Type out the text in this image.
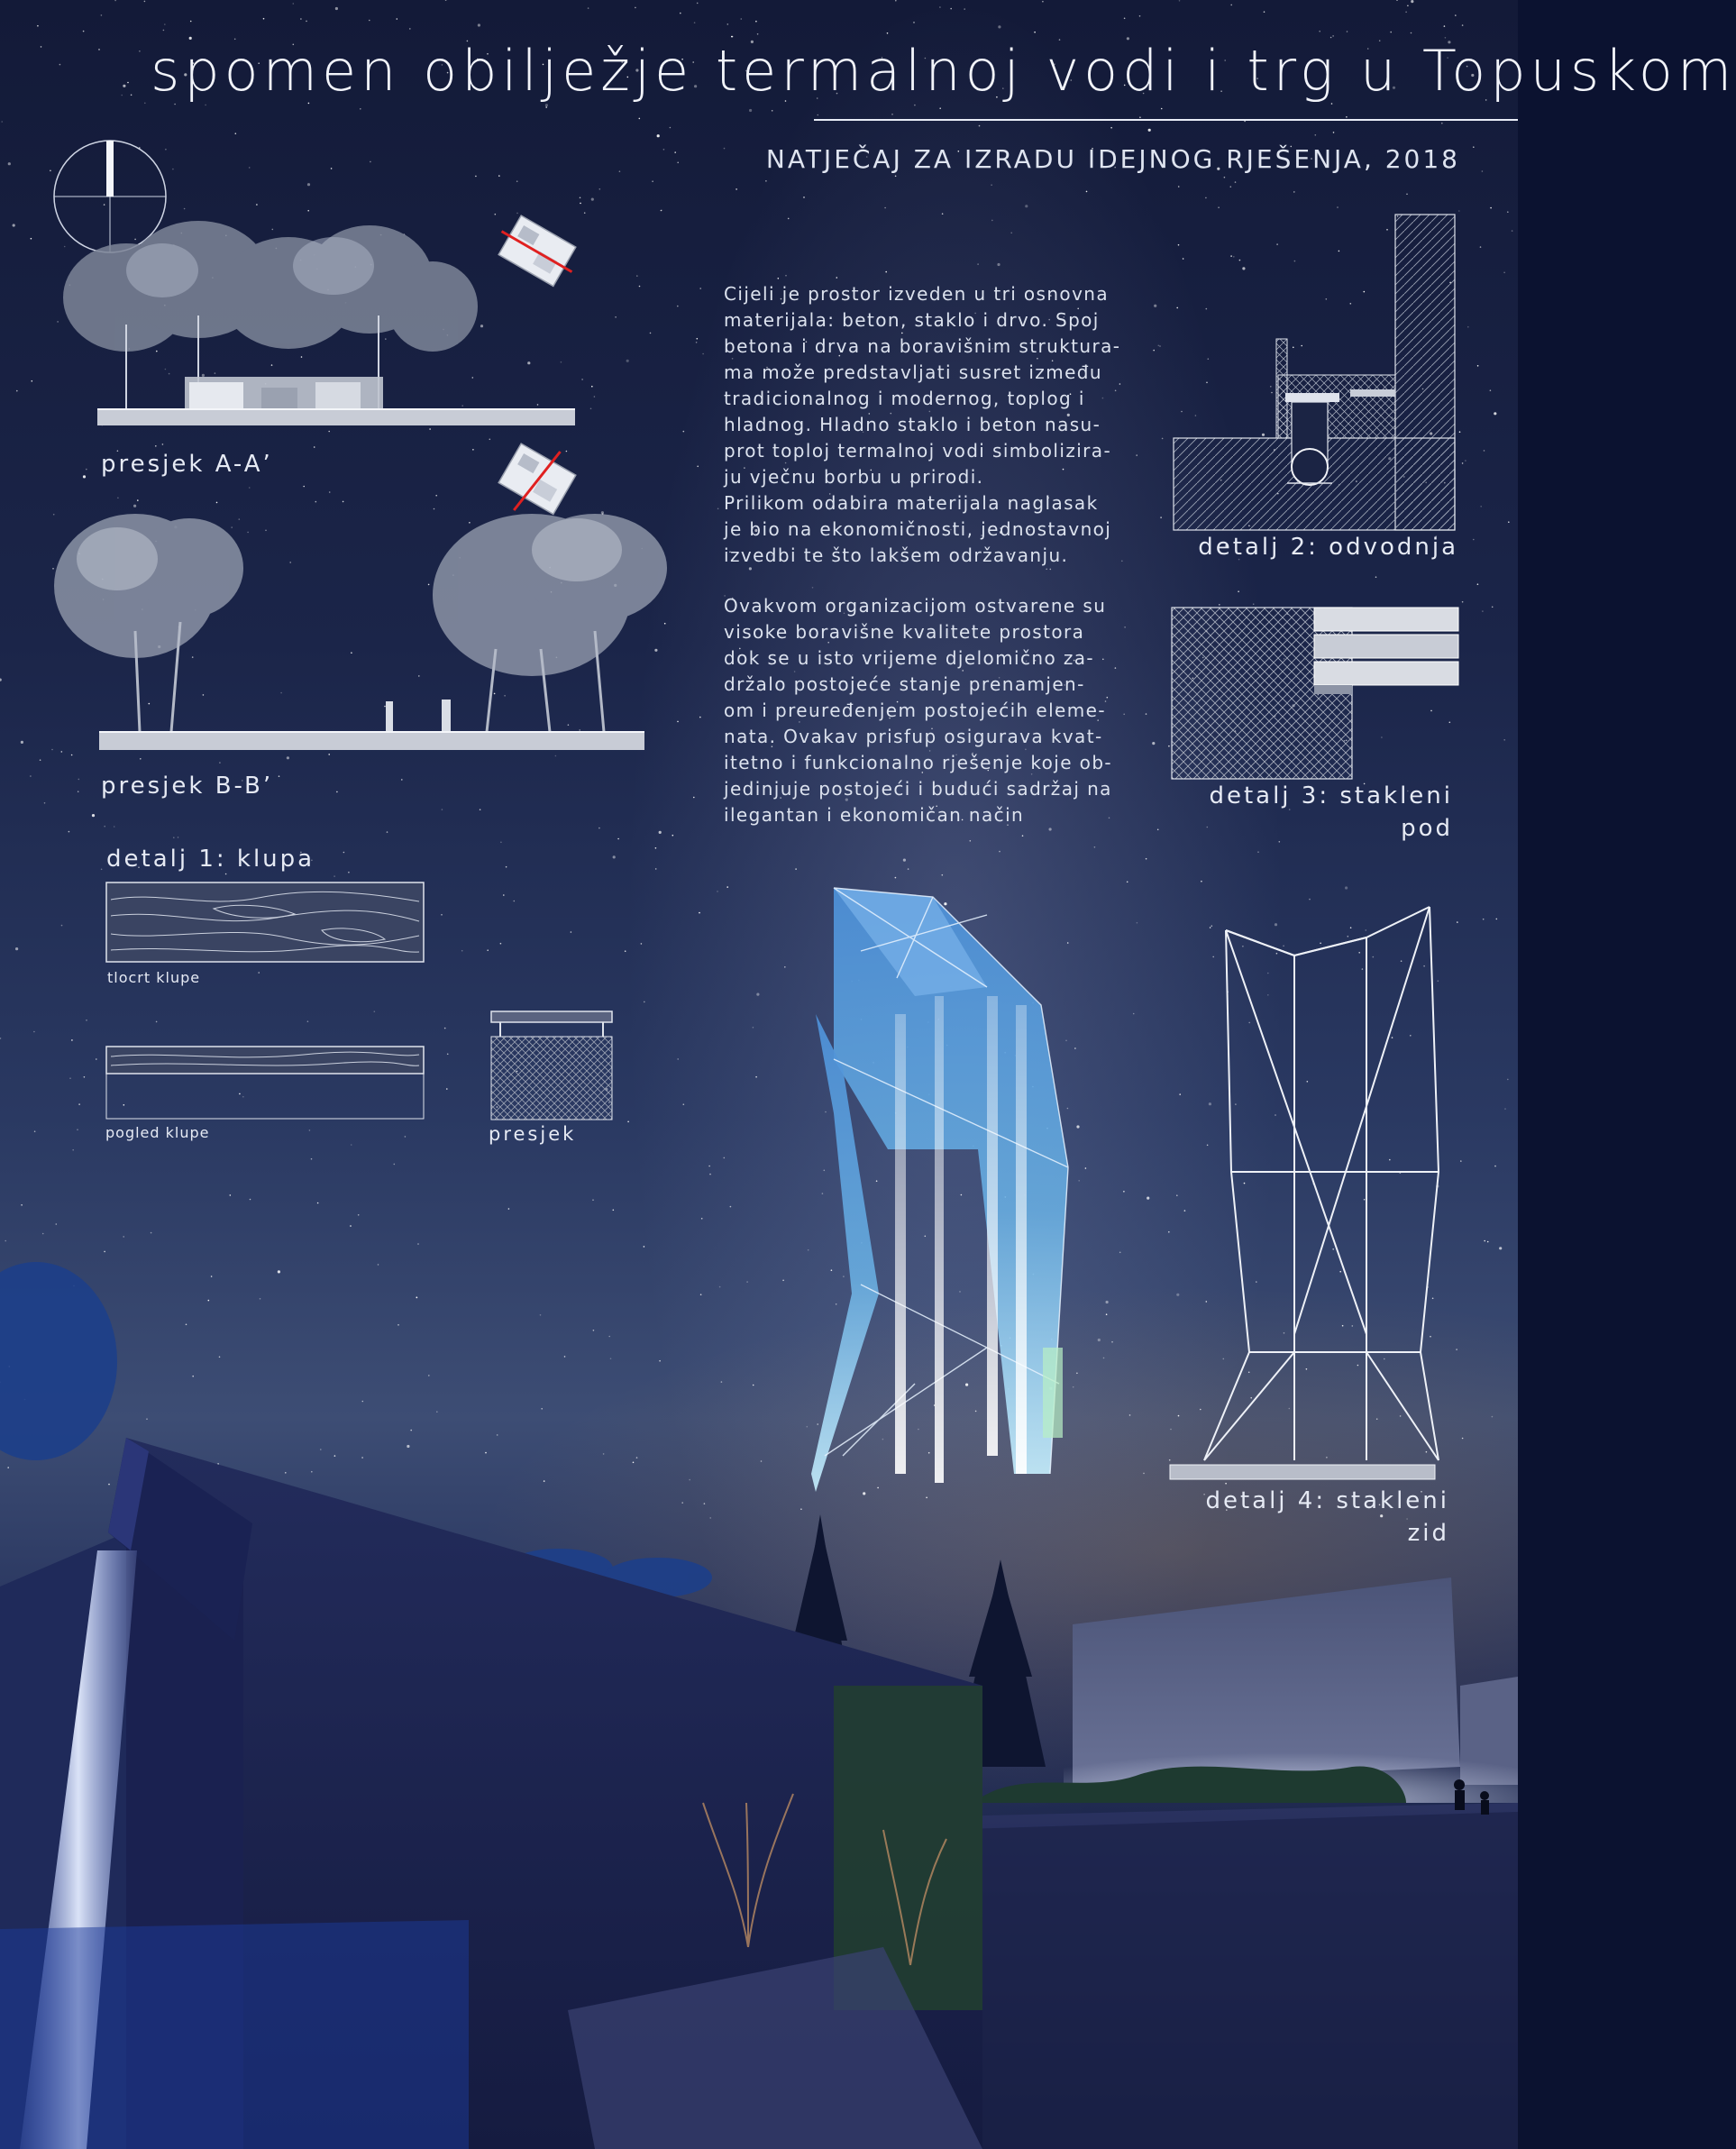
spomen obilježje termalnoj vodi i trg u Topuskom
NATJEČAJ ZA IZRADU IDEJNOG RJEŠENJA, 2018
presjek A-A’
presjek B-B’
detalj 1: klupa
tlocrt klupe
pogled klupe	presjek
Cijeli je prostor izveden u tri osnovna
materijala: beton, staklo i drvo. Spoj
betona i drva na boravišnim struktura-
ma može predstavljati susret između
tradicionalnog i modernog, toplog i
hladnog. Hladno staklo i beton nasu-
prot toploj termalnoj vodi simbolizira-
ju vječnu borbu u prirodi.
Prilikom odabira materijala naglasak
je bio na ekonomičnosti, jednostavnoj
izvedbi te što lakšem održavanju.
Ovakvom organizacijom ostvarene su
visoke boravišne kvalitete prostora
dok se u isto vrijeme djelomično za-
držalo postojeće stanje prenamjen-
om i preuređenjem postojećih eleme-
nata. Ovakav prisfup osigurava kvat-
itetno i funkcionalno rješenje koje ob-
jedinjuje postojeći i budući sadržaj na
ilegantan i ekonomičan način
detalj 2: odvodnja
detalj 3: stakleni
pod
detalj 4: stakleni
zid
